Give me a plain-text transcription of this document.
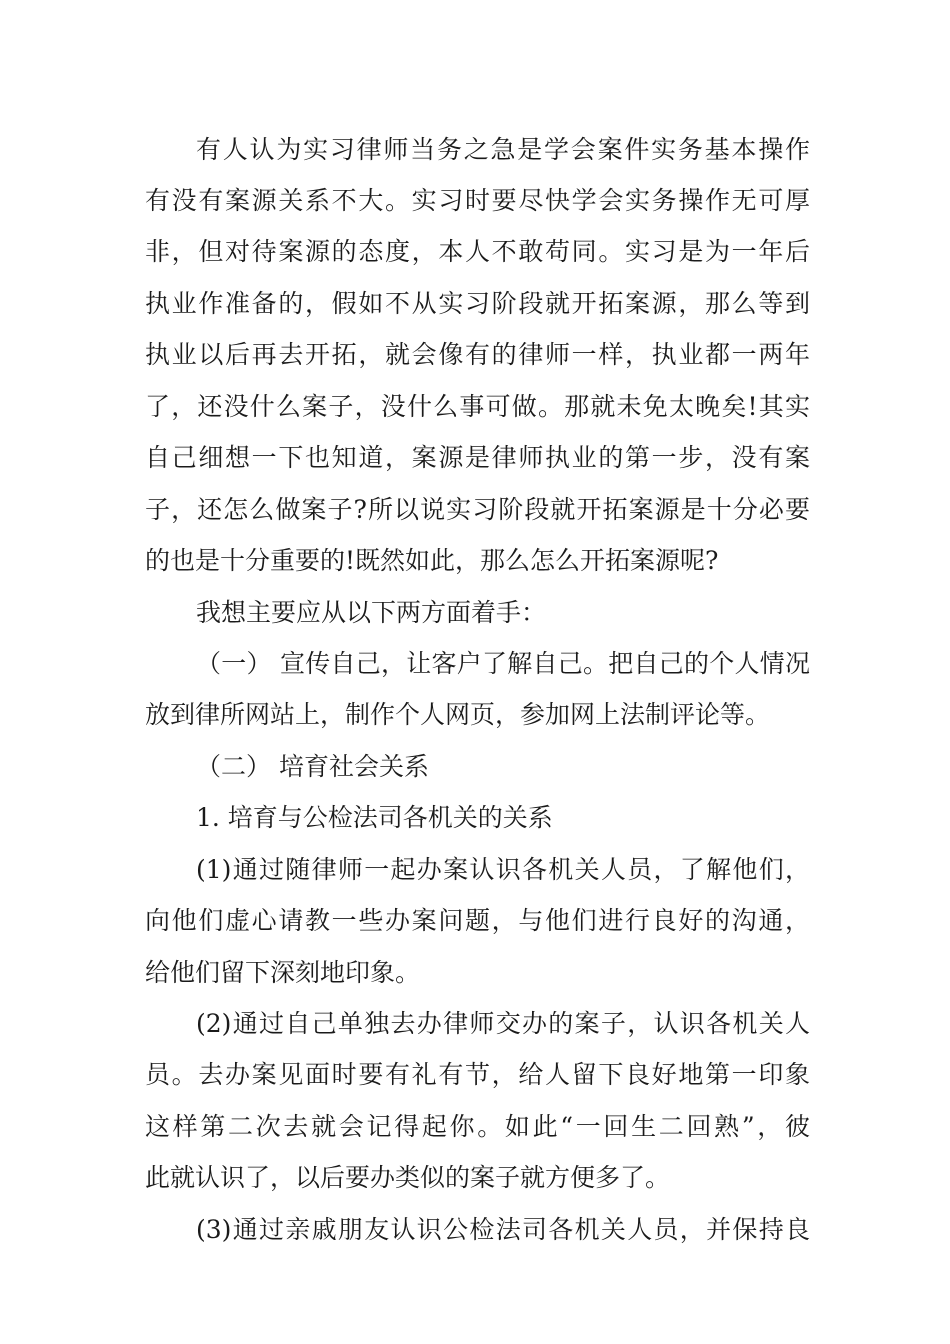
有人认为实习律师当务之急是学会案件实务基本操作
有没有案源关系不大。实习时要尽快学会实务操作无可厚
非，但对待案源的态度，本人不敢苟同。实习是为一年后
执业作准备的，假如不从实习阶段就开拓案源，那么等到
执业以后再去开拓，就会像有的律师一样，执业都一两年
了，还没什么案子，没什么事可做。那就未免太晚矣!其实
自己细想一下也知道，案源是律师执业的第一步，没有案
子，还怎么做案子?所以说实习阶段就开拓案源是十分必要
的也是十分重要的!既然如此，那么怎么开拓案源呢?
我想主要应从以下两方面着手：
（一） 宣传自己，让客户了解自己。把自己的个人情况
放到律所网站上，制作个人网页，参加网上法制评论等。
（二） 培育社会关系
1. 培育与公检法司各机关的关系
(1)通过随律师一起办案认识各机关人员，了解他们，
向他们虚心请教一些办案问题，与他们进行良好的沟通，
给他们留下深刻地印象。
(2)通过自己单独去办律师交办的案子，认识各机关人
员。去办案见面时要有礼有节，给人留下良好地第一印象
这样第二次去就会记得起你。如此“一回生二回熟”，彼
此就认识了，以后要办类似的案子就方便多了。
(3)通过亲戚朋友认识公检法司各机关人员，并保持良
